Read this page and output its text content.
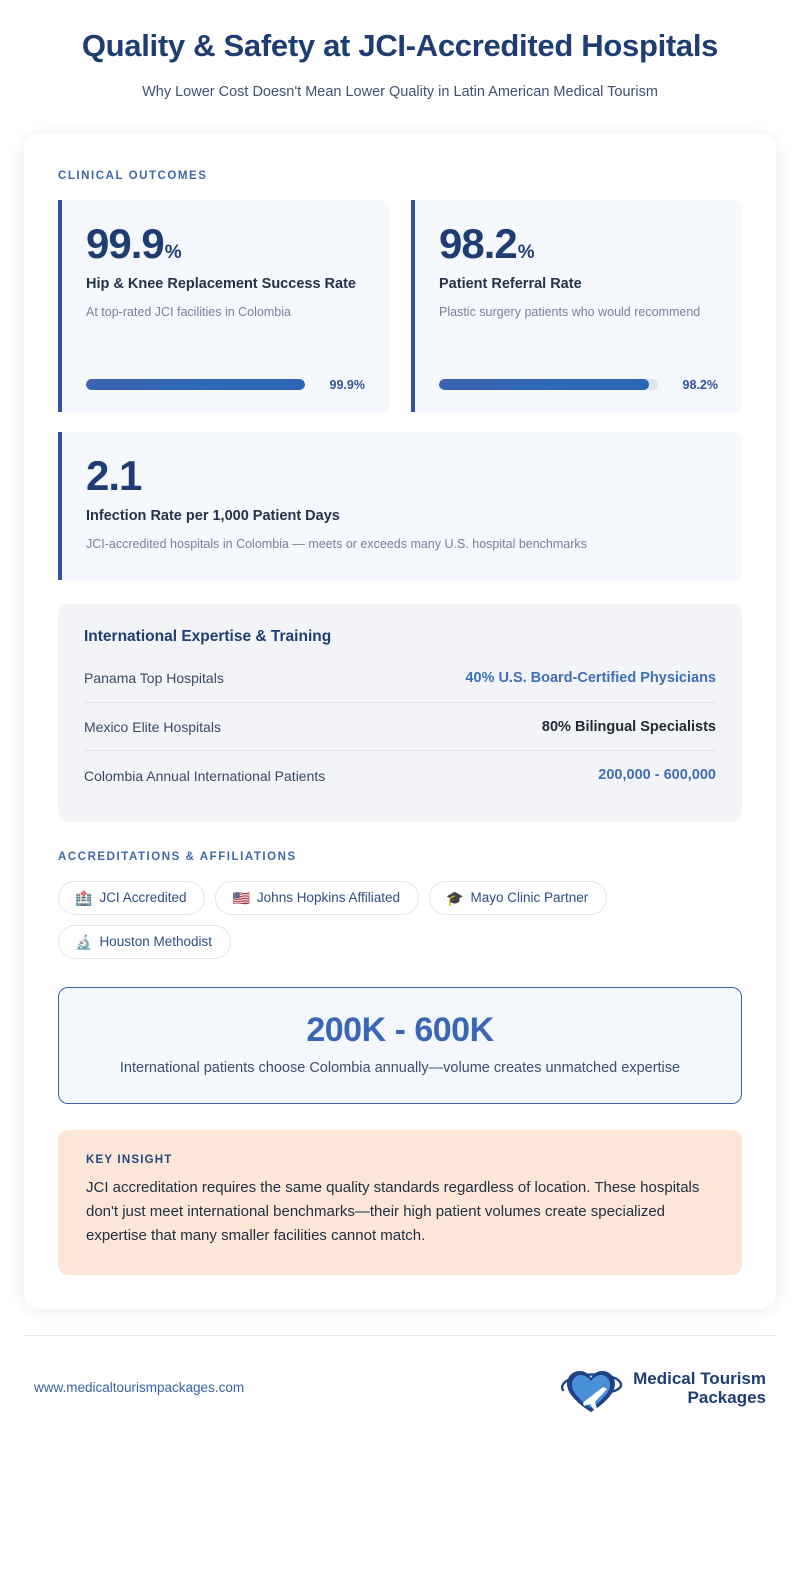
Quality & Safety at JCI-Accredited Hospitals
Why Lower Cost Doesn't Mean Lower Quality in Latin American Medical Tourism
CLINICAL OUTCOMES
99.9%
Hip & Knee Replacement Success Rate
At top-rated JCI facilities in Colombia
99.9%
98.2%
Patient Referral Rate
Plastic surgery patients who would recommend
98.2%
2.1
Infection Rate per 1,000 Patient Days
JCI-accredited hospitals in Colombia — meets or exceeds many U.S. hospital benchmarks
International Expertise & Training
Panama Top Hospitals	40% U.S. Board-Certified Physicians
Mexico Elite Hospitals	80% Bilingual Specialists
Colombia Annual International Patients	200,000 - 600,000
ACCREDITATIONS & AFFILIATIONS
🏥 JCI Accredited	🇺🇸 Johns Hopkins Affiliated	🎓 Mayo Clinic Partner
🔬 Houston Methodist
200K - 600K
International patients choose Colombia annually—volume creates unmatched expertise
KEY INSIGHT
JCI accreditation requires the same quality standards regardless of location. These hospitals don't just meet international benchmarks—their high patient volumes create specialized expertise that many smaller facilities cannot match.
www.medicaltourismpackages.com
Medical Tourism
Packages
